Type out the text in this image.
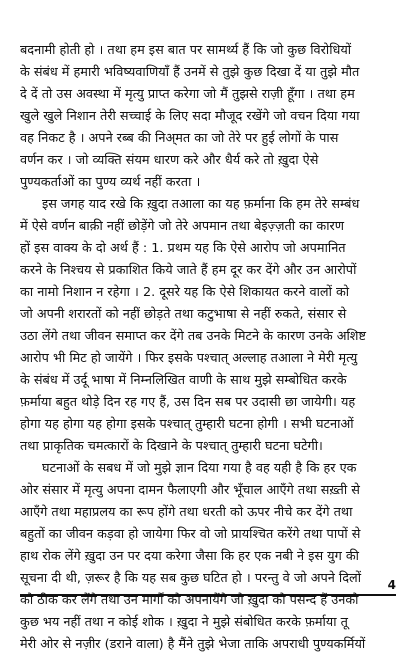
बदनामी होती हो । तथा हम इस बात पर सामर्थ्य हैं कि जो कुछ विरोधियों
के संबंध में हमारी भविष्यवाणियाँ हैं उनमें से तुझे कुछ दिखा दें या तुझे मौत
दे दें तो उस अवस्था में मृत्यु प्राप्त करेगा जो मैं तुझसे राज़ी हूँगा । तथा हम
खुले खुले निशान तेरी सच्चाई के लिए सदा मौजूद रखेंगे जो वचन दिया गया
वह निकट है । अपने रब्ब की निअ्मत का जो तेरे पर हुई लोगों के पास
वर्णन कर । जो व्यक्ति संयम धारण करे और धैर्य करे तो ख़ुदा ऐसे
पुण्यकर्ताओं का पुण्य व्यर्थ नहीं करता ।
इस जगह याद रखे कि ख़ुदा तआला का यह फ़र्माना कि हम तेरे सम्बंध
में ऐसे वर्णन बाक़ी नहीं छोड़ेंगे जो तेरे अपमान तथा बेइज़्ज़ती का कारण
हों इस वाक्य के दो अर्थ हैं : 1. प्रथम यह कि ऐसे आरोप जो अपमानित
करने के निश्चय से प्रकाशित किये जाते हैं हम दूर कर देंगे और उन आरोपों
का नामो निशान न रहेगा । 2. दूसरे यह कि ऐसे शिकायत करने वालों को
जो अपनी शरारतों को नहीं छोड़ते तथा कटुभाषा से नहीं रुकते, संसार से
उठा लेंगे तथा जीवन समाप्त कर देंगे तब उनके मिटने के कारण उनके अशिष्ट
आरोप भी मिट हो जायेंगे । फिर इसके पश्चात् अल्लाह तआला ने मेरी मृत्यु
के संबंध में उर्दू भाषा में निम्नलिखित वाणी के साथ मुझे सम्बोधित करके
फ़र्माया बहुत थोड़े दिन रह गए हैं, उस दिन सब पर उदासी छा जायेगी। यह
होगा यह होगा यह होगा इसके पश्चात् तुम्हारी घटना होगी । सभी घटनाओं
तथा प्राकृतिक चमत्कारों के दिखाने के पश्चात् तुम्हारी घटना घटेगी।
घटनाओं के सबध में जो मुझे ज्ञान दिया गया है वह यही है कि हर एक
ओर संसार में मृत्यु अपना दामन फैलाएगी और भूँचाल आएँगे तथा सख़्ती से
आएँगे तथा महाप्रलय का रूप होंगे तथा धरती को ऊपर नीचे कर देंगे तथा
बहुतों का जीवन कड़वा हो जायेगा फिर वो जो प्रायश्चित करेंगे तथा पापों से
हाथ रोक लेंगे ख़ुदा उन पर दया करेगा जैसा कि हर एक नबी ने इस युग की
सूचना दी थी, ज़रूर है कि यह सब कुछ घटित हो । परन्तु वे जो अपने दिलों
को ठीक कर लेंगे तथा उन मार्गों को अपनायेंगे जो ख़ुदा को पसन्द हैं उनको
कुछ भय नहीं तथा न कोई शोक । ख़ुदा ने मुझे संबोधित करके फ़र्माया तू
मेरी ओर से नज़ीर (डराने वाला) है मैंने तुझे भेजा ताकि अपराधी पुण्यकर्मियों
4
